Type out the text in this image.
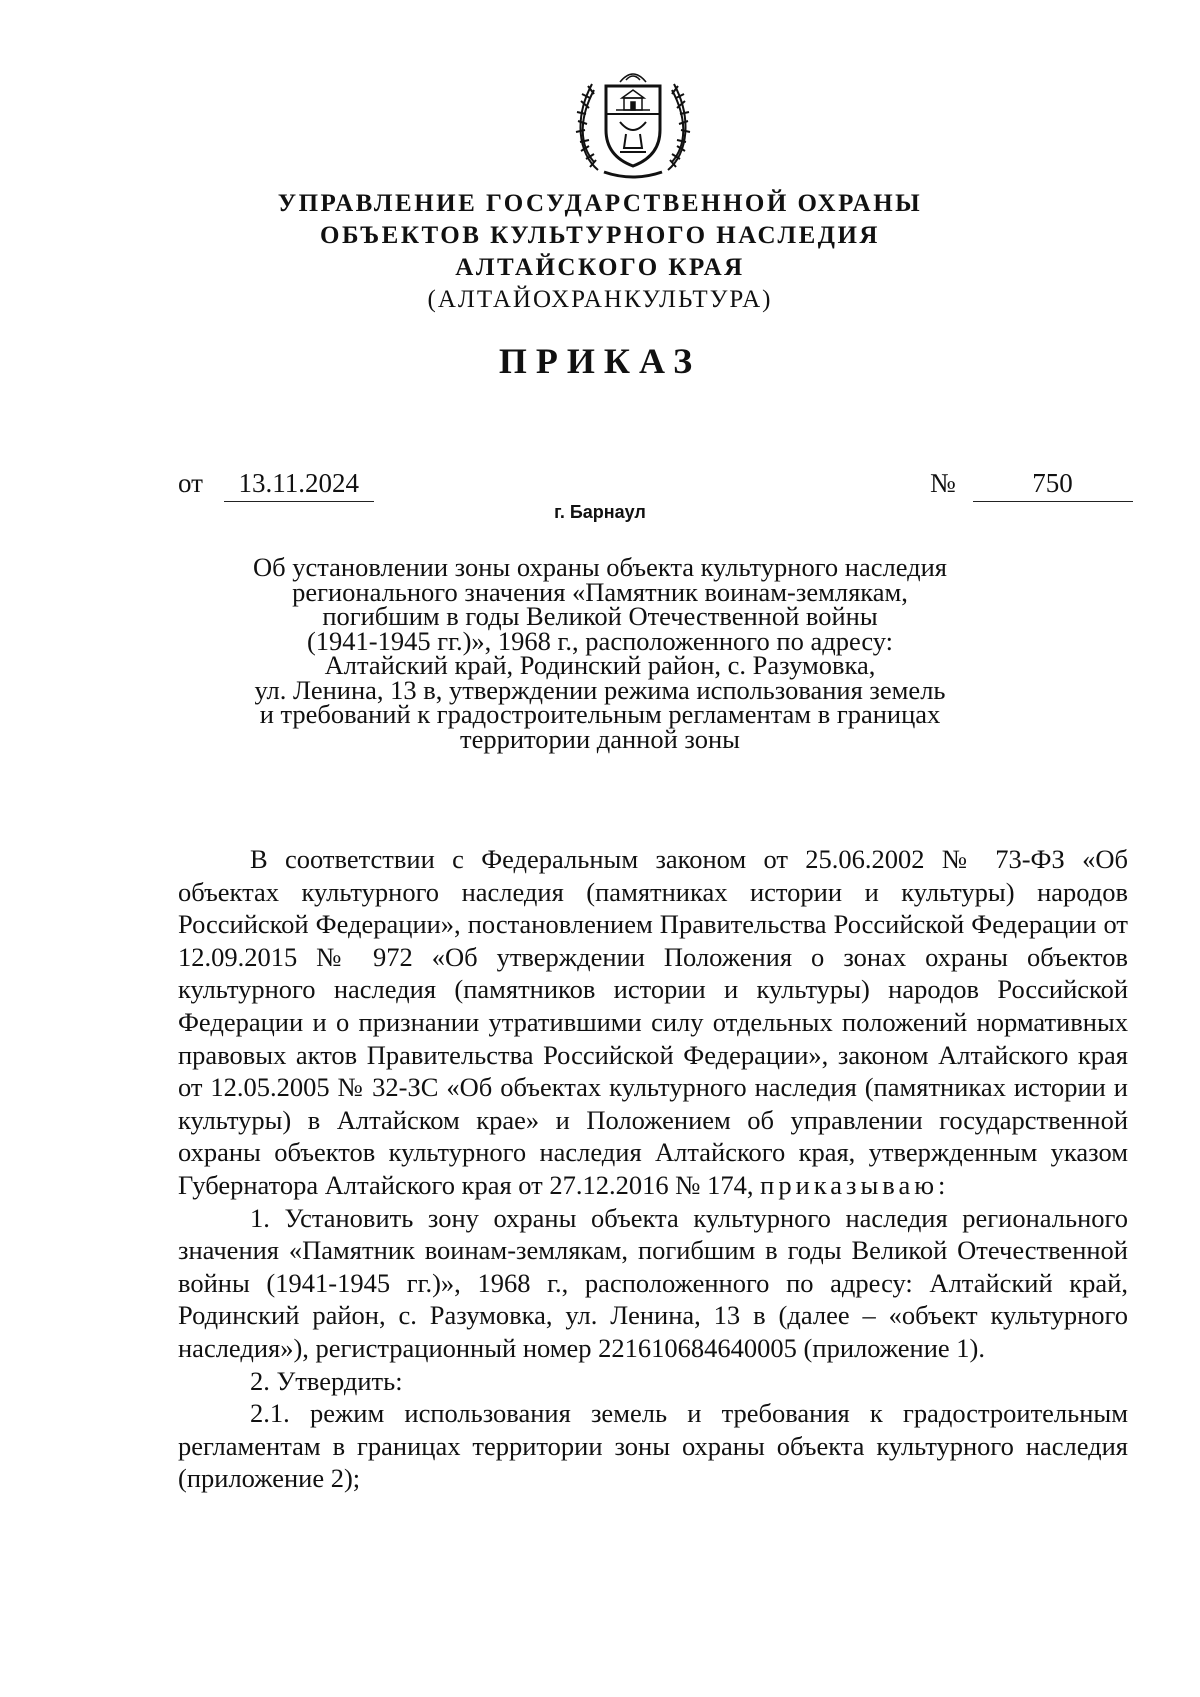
УПРАВЛЕНИЕ ГОСУДАРСТВЕННОЙ ОХРАНЫ
ОБЪЕКТОВ КУЛЬТУРНОГО НАСЛЕДИЯ
АЛТАЙСКОГО КРАЯ
(АЛТАЙОХРАНКУЛЬТУРА)
ПРИКАЗ
от 13.11.2024	№	750
г. Барнаул
Об установлении зоны охраны объекта культурного наследия
регионального значения «Памятник воинам-землякам,
погибшим в годы Великой Отечественной войны
(1941-1945 гг.)», 1968 г., расположенного по адресу:
Алтайский край, Родинский район, с. Разумовка,
ул. Ленина, 13 в, утверждении режима использования земель
и требований к градостроительным регламентам в границах
территории данной зоны

В соответствии с Федеральным законом от 25.06.2002 № 73-ФЗ «Об объектах культурного наследия (памятниках истории и культуры) народов Российской Федерации», постановлением Правительства Российской Федерации от 12.09.2015 № 972 «Об утверждении Положения о зонах охраны объектов культурного наследия (памятников истории и культуры) народов Российской Федерации и о признании утратившими силу отдельных положений нормативных правовых актов Правительства Российской Федерации», законом Алтайского края от 12.05.2005 № 32-ЗС «Об объектах культурного наследия (памятниках истории и культуры) в Алтайском крае» и Положением об управлении государственной охраны объектов культурного наследия Алтайского края, утвержденным указом Губернатора Алтайского края от 27.12.2016 № 174, приказываю:

1. Установить зону охраны объекта культурного наследия регионального значения «Памятник воинам-землякам, погибшим в годы Великой Отечественной войны (1941-1945 гг.)», 1968 г., расположенного по адресу: Алтайский край, Родинский район, с. Разумовка, ул. Ленина, 13 в (далее – «объект культурного наследия»), регистрационный номер 221610684640005 (приложение 1).

2. Утвердить:

2.1. режим использования земель и требования к градостроительным регламентам в границах территории зоны охраны объекта культурного наследия (приложение 2);
